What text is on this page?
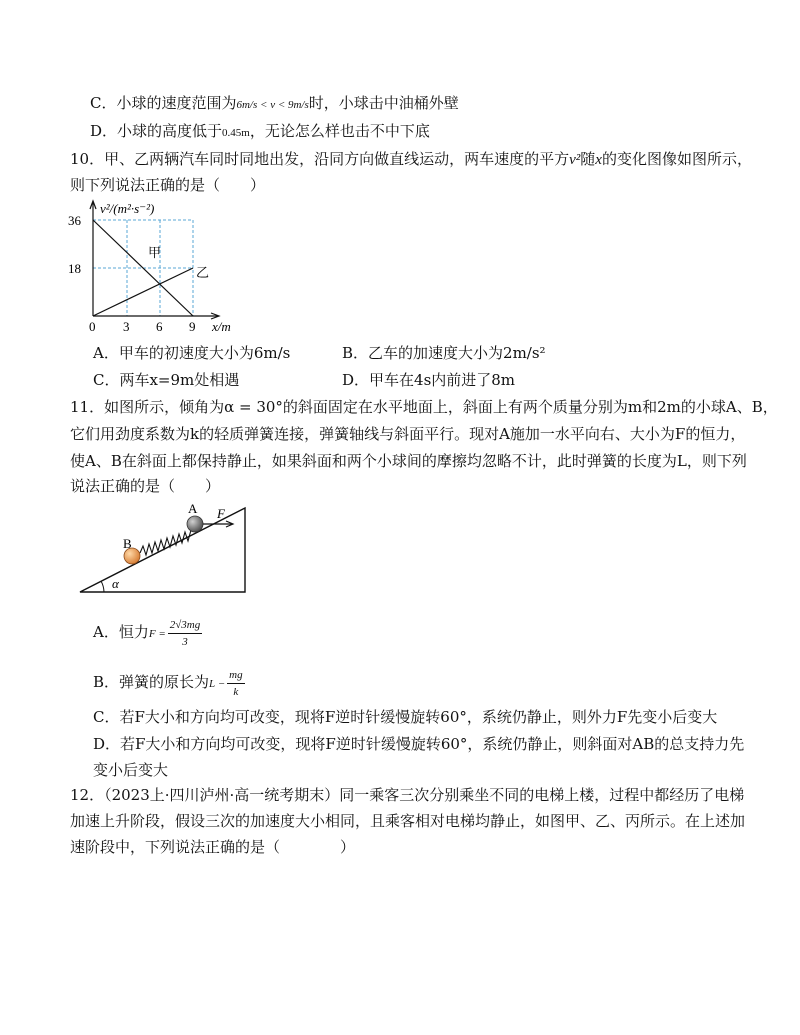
C．小球的速度范围为6m/s < v < 9m/s时，小球击中油桶外壁
D．小球的高度低于0.45m，无论怎么样也击不中下底
10．甲、乙两辆汽车同时同地出发，沿同方向做直线运动，两车速度的平方v²随x的变化图像如图所示，
则下列说法正确的是（　　）
v²/(m²·s⁻²)
36
18
0 3 6 9 x/m
甲
乙
A．甲车的初速度大小为6m/s	B．乙车的加速度大小为2m/s²
C．两车x=9m处相遇	D．甲车在4s内前进了8m
11．如图所示，倾角为α = 30°的斜面固定在水平地面上，斜面上有两个质量分别为m和2m的小球A、B，
它们用劲度系数为k的轻质弹簧连接，弹簧轴线与斜面平行。现对A施加一水平向右、大小为F的恒力，
使A、B在斜面上都保持静止，如果斜面和两个小球间的摩擦均忽略不计，此时弹簧的长度为L，则下列
说法正确的是（　　）
α
B
A F
A．恒力$F = \frac{2√3mg}{3}$
B．弹簧的原长为$L - \frac{mg}{k}$
C．若F大小和方向均可改变，现将F逆时针缓慢旋转60°，系统仍静止，则外力F先变小后变大
D．若F大小和方向均可改变，现将F逆时针缓慢旋转60°，系统仍静止，则斜面对AB的总支持力先
变小后变大
12．（2023上·四川泸州·高一统考期末）同一乘客三次分别乘坐不同的电梯上楼，过程中都经历了电梯
加速上升阶段，假设三次的加速度大小相同，且乘客相对电梯均静止，如图甲、乙、丙所示。在上述加
速阶段中，下列说法正确的是（　　　　）
